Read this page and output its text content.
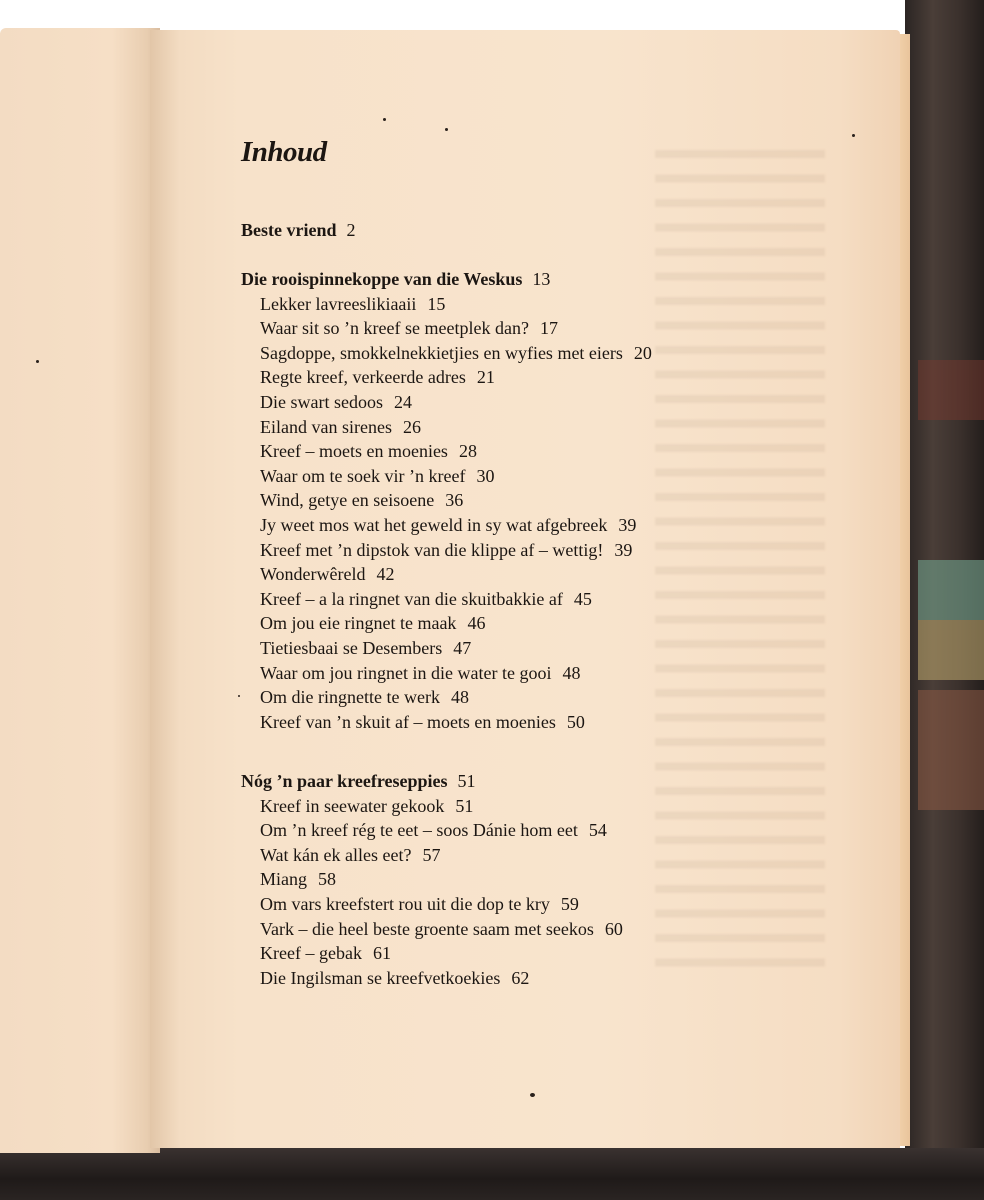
Inhoud
Beste vriend 2
Die rooispinnekoppe van die Weskus 13
Lekker lavreeslikiaaii 15
Waar sit so ’n kreef se meetplek dan? 17
Sagdoppe, smokkelnekkietjies en wyfies met eiers 20
Regte kreef, verkeerde adres 21
Die swart sedoos 24
Eiland van sirenes 26
Kreef – moets en moenies 28
Waar om te soek vir ’n kreef 30
Wind, getye en seisoene 36
Jy weet mos wat het geweld in sy wat afgebreek 39
Kreef met ’n dipstok van die klippe af – wettig! 39
Wonderwêreld 42
Kreef – a la ringnet van die skuitbakkie af 45
Om jou eie ringnet te maak 46
Tietiesbaai se Desembers 47
Waar om jou ringnet in die water te gooi 48
Om die ringnette te werk 48
Kreef van ’n skuit af – moets en moenies 50
Nóg ’n paar kreefreseppies 51
Kreef in seewater gekook 51
Om ’n kreef rég te eet – soos Dánie hom eet 54
Wat kán ek alles eet? 57
Miang 58
Om vars kreefstert rou uit die dop te kry 59
Vark – die heel beste groente saam met seekos 60
Kreef – gebak 61
Die Ingilsman se kreefvetkoekies 62
